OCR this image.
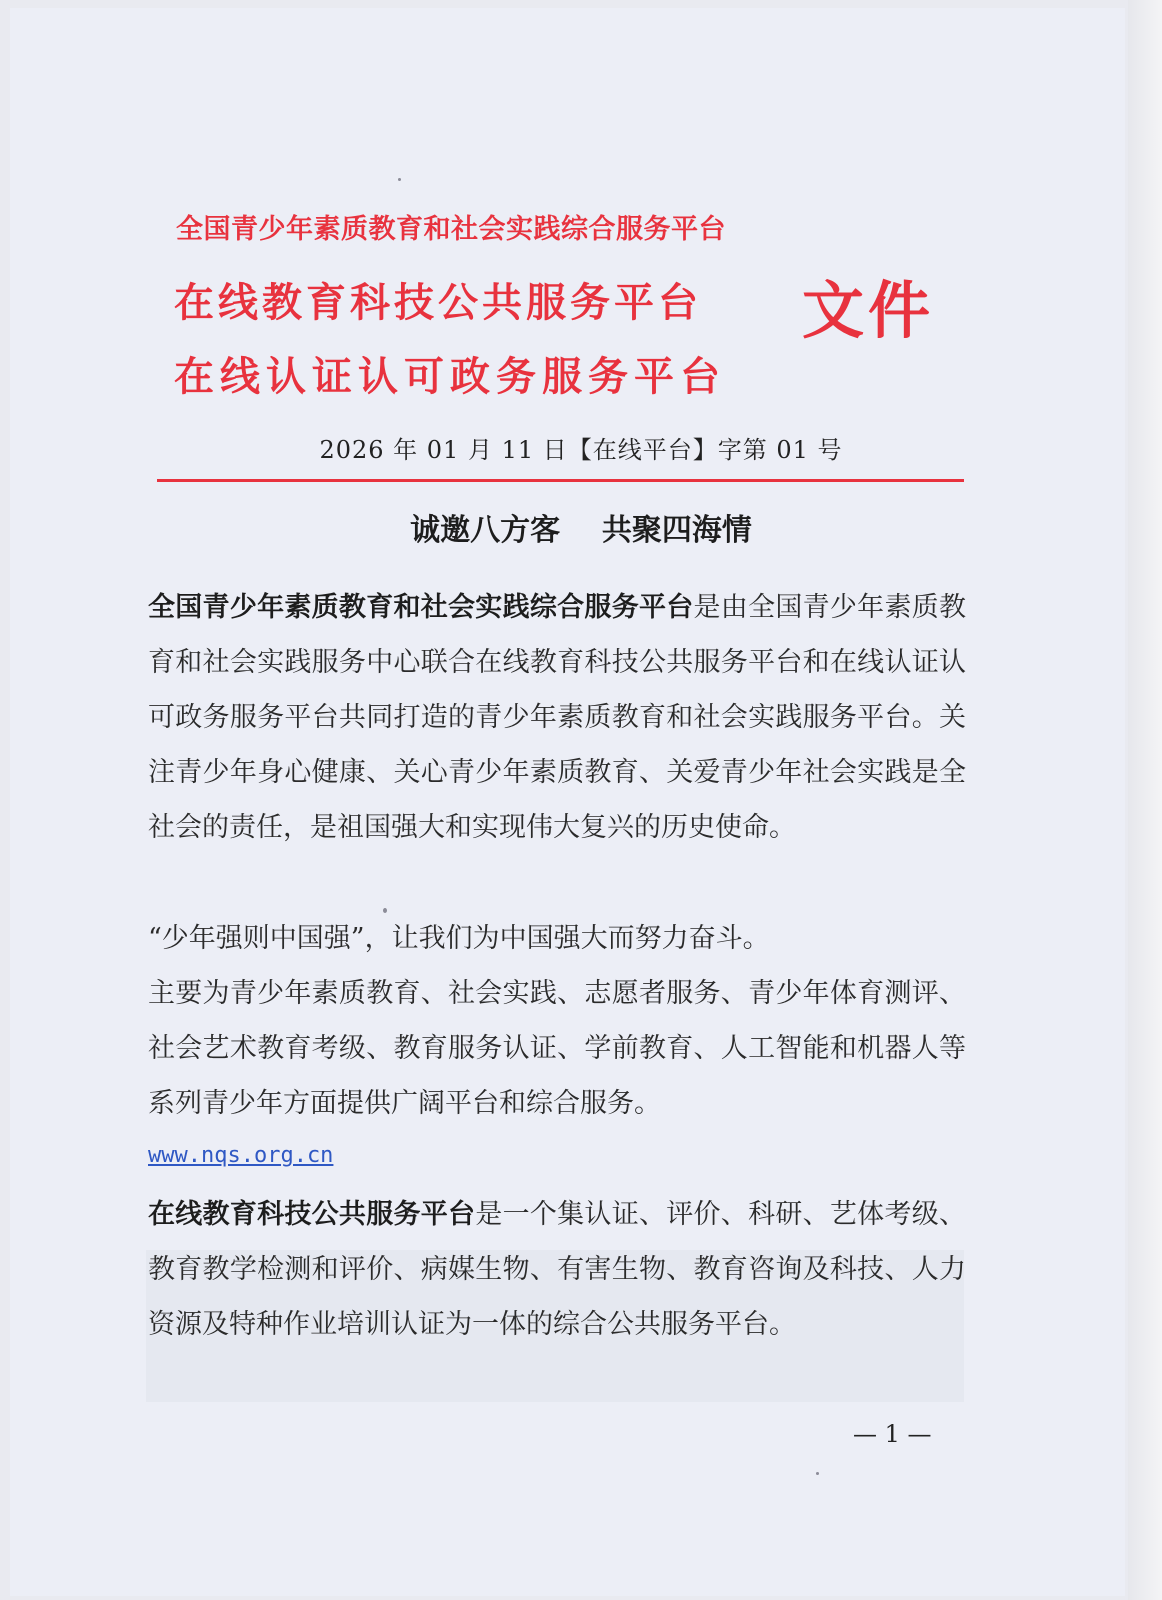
全国青少年素质教育和社会实践综合服务平台
在线教育科技公共服务平台
在线认证认可政务服务平台
文件
2026 年 01 月 11 日【在线平台】字第 01 号
诚邀八方客    共聚四海情
全国青少年素质教育和社会实践综合服务平台是由全国青少年素质教育和社会实践服务中心联合在线教育科技公共服务平台和在线认证认可政务服务平台共同打造的青少年素质教育和社会实践服务平台。关注青少年身心健康、关心青少年素质教育、关爱青少年社会实践是全社会的责任，是祖国强大和实现伟大复兴的历史使命。
“少年强则中国强”，让我们为中国强大而努力奋斗。
主要为青少年素质教育、社会实践、志愿者服务、青少年体育测评、社会艺术教育考级、教育服务认证、学前教育、人工智能和机器人等系列青少年方面提供广阔平台和综合服务。
www.nqs.org.cn
在线教育科技公共服务平台是一个集认证、评价、科研、艺体考级、教育教学检测和评价、病媒生物、有害生物、教育咨询及科技、人力资源及特种作业培训认证为一体的综合公共服务平台。
— 1 —
